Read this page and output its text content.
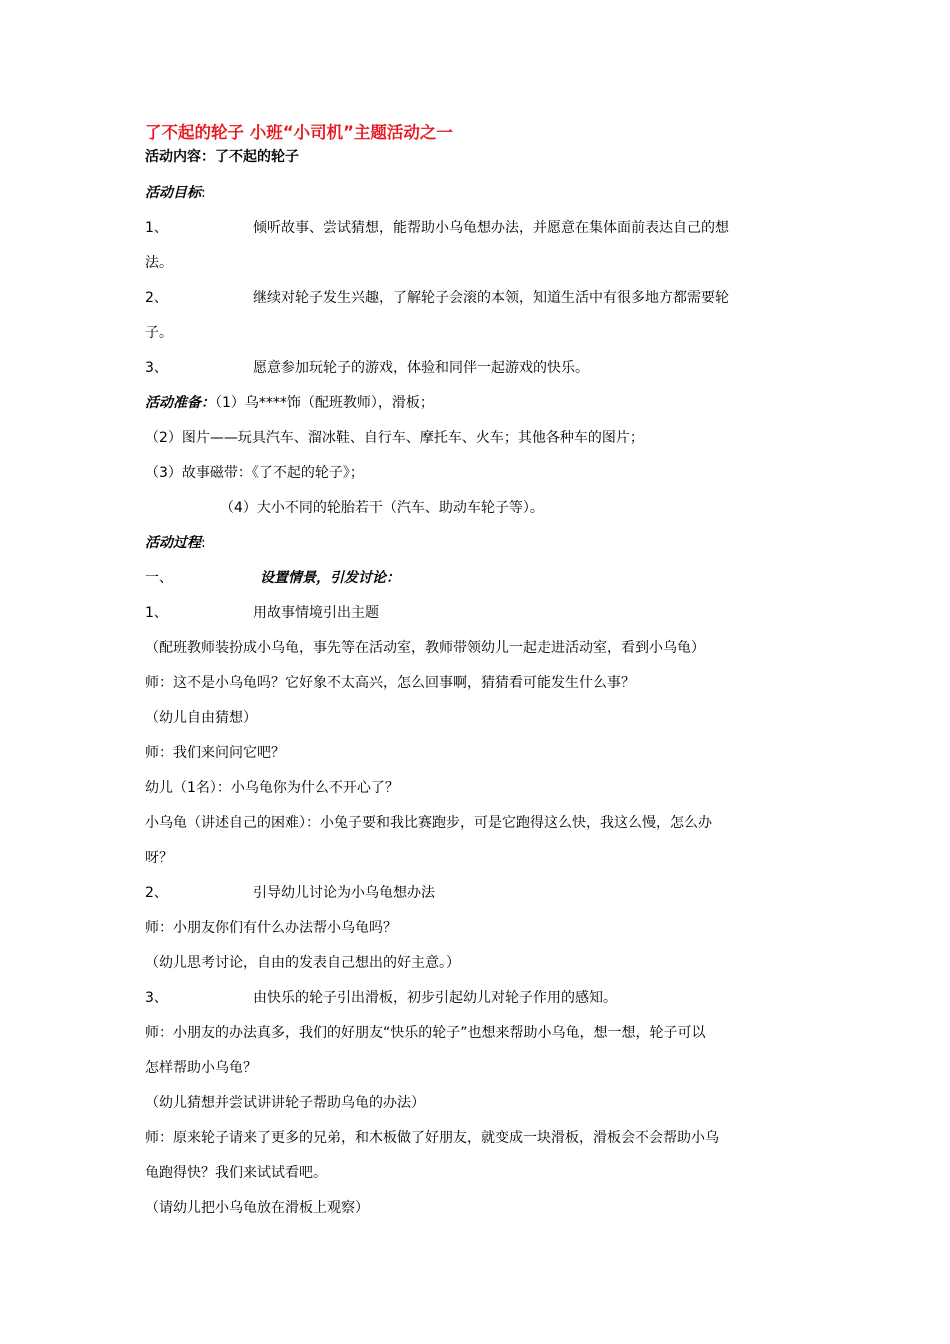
了不起的轮子 小班“小司机”主题活动之一
活动内容：了不起的轮子
活动目标:
1、	倾听故事、尝试猜想，能帮助小乌龟想办法，并愿意在集体面前表达自己的想
法。
2、	继续对轮子发生兴趣，了解轮子会滚的本领，知道生活中有很多地方都需要轮
子。
3、	愿意参加玩轮子的游戏，体验和同伴一起游戏的快乐。
活动准备：（1）乌****饰（配班教师），滑板；
（2）图片——玩具汽车、溜冰鞋、自行车、摩托车、火车；其他各种车的图片；
（3）故事磁带：《了不起的轮子》；
（4）大小不同的轮胎若干（汽车、助动车轮子等）。
活动过程:
一、	设置情景，引发讨论：
1、	用故事情境引出主题
（配班教师装扮成小乌龟，事先等在活动室，教师带领幼儿一起走进活动室，看到小乌龟）
师：这不是小乌龟吗？它好象不太高兴，怎么回事啊，猜猜看可能发生什么事？
（幼儿自由猜想）
师：我们来问问它吧？
幼儿（1名）：小乌龟你为什么不开心了？
小乌龟（讲述自己的困难）：小兔子要和我比赛跑步，可是它跑得这么快，我这么慢，怎么办
呀？
2、	引导幼儿讨论为小乌龟想办法
师：小朋友你们有什么办法帮小乌龟吗？
（幼儿思考讨论，自由的发表自己想出的好主意。）
3、	由快乐的轮子引出滑板，初步引起幼儿对轮子作用的感知。
师：小朋友的办法真多，我们的好朋友“快乐的轮子”也想来帮助小乌龟，想一想，轮子可以
怎样帮助小乌龟？
（幼儿猜想并尝试讲讲轮子帮助乌龟的办法）
师：原来轮子请来了更多的兄弟，和木板做了好朋友，就变成一块滑板，滑板会不会帮助小乌
龟跑得快？我们来试试看吧。
（请幼儿把小乌龟放在滑板上观察）
